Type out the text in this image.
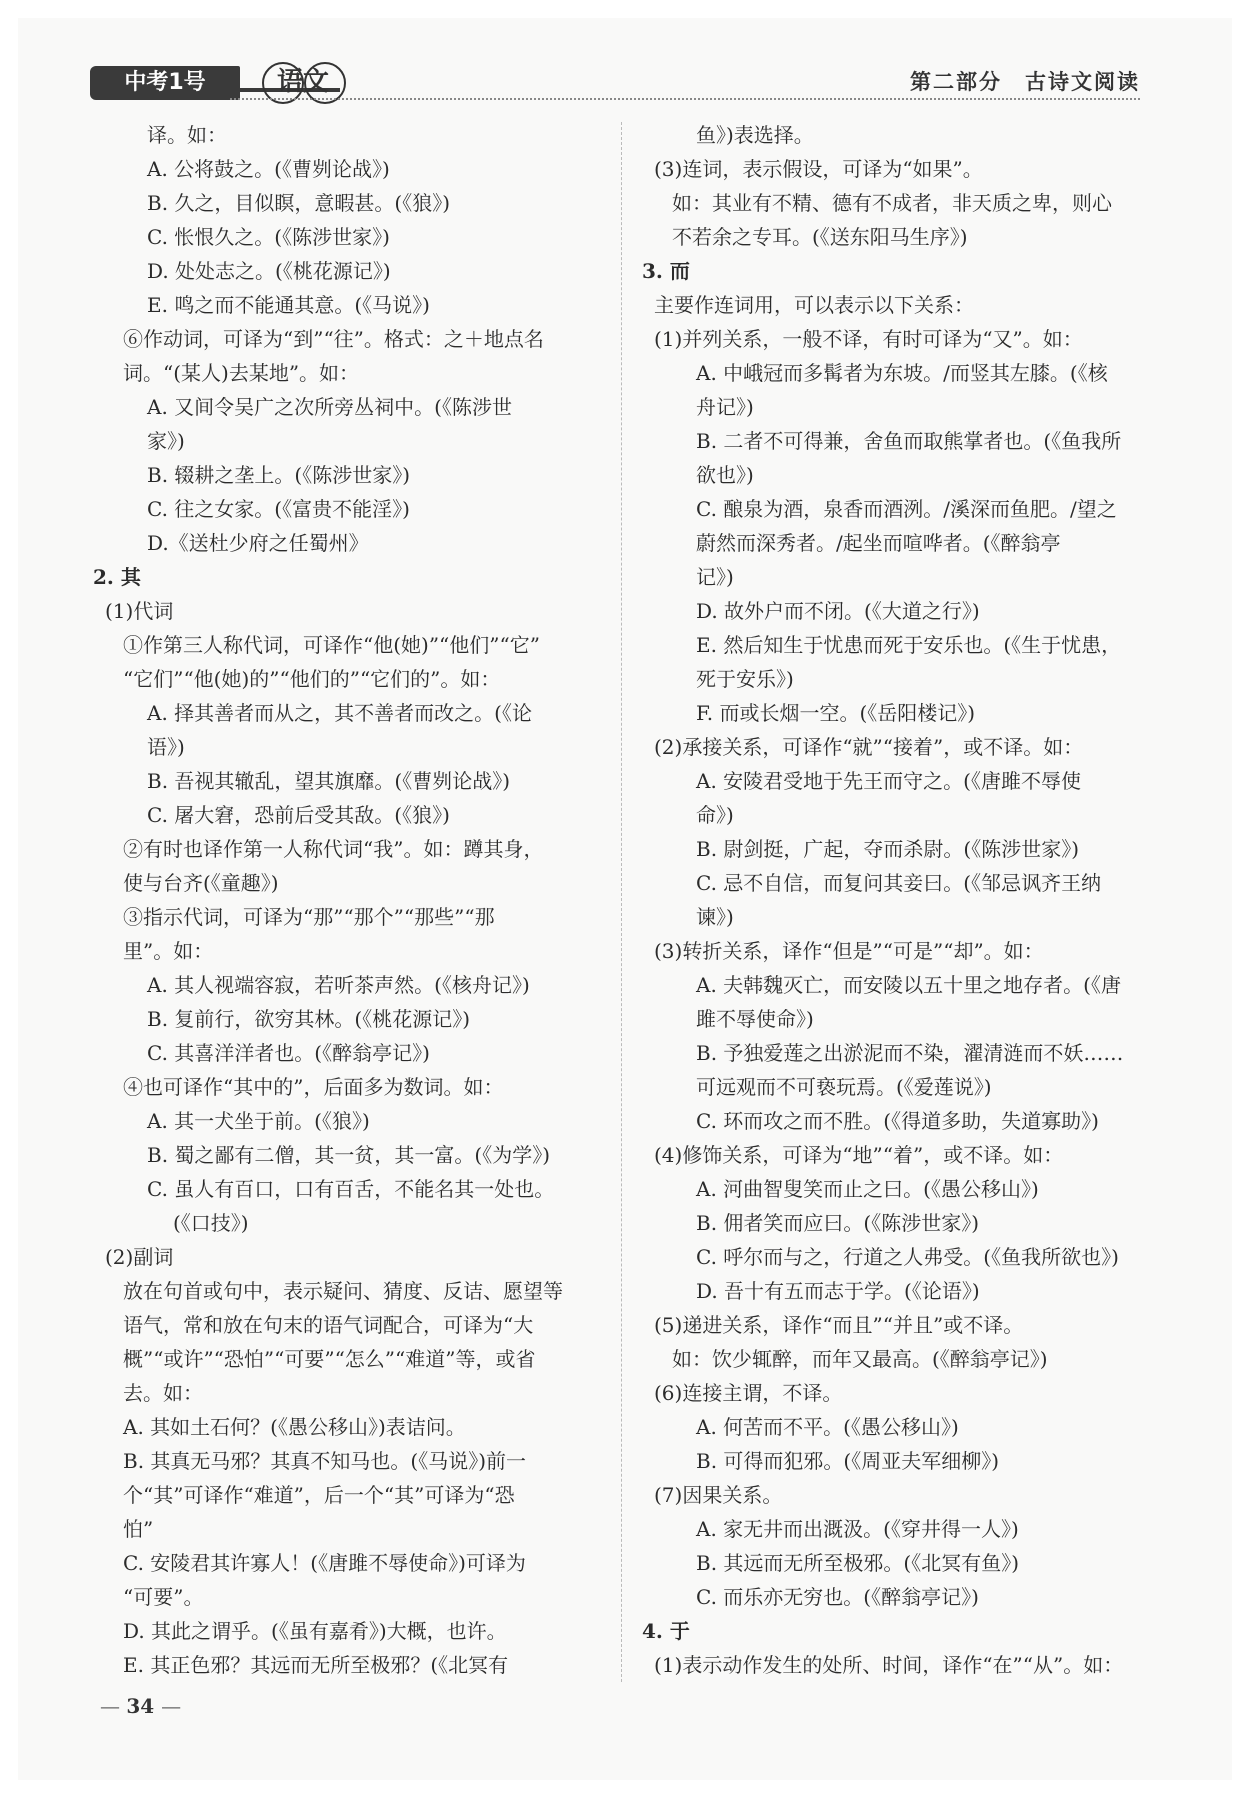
中考1号	语文	第二部分　古诗文阅读
译。如：
A. 公将鼓之。(《曹刿论战》)
B. 久之，目似瞑，意暇甚。(《狼》)
C. 怅恨久之。(《陈涉世家》)
D. 处处志之。(《桃花源记》)
E. 鸣之而不能通其意。(《马说》)
⑥作动词，可译为“到”“往”。格式：之＋地点名
词。“(某人)去某地”。如：
A. 又间令吴广之次所旁丛祠中。(《陈涉世
家》)
B. 辍耕之垄上。(《陈涉世家》)
C. 往之女家。(《富贵不能淫》)
D.《送杜少府之任蜀州》
2. 其
(1)代词
①作第三人称代词，可译作“他(她)”“他们”“它”
“它们”“他(她)的”“他们的”“它们的”。如：
A. 择其善者而从之，其不善者而改之。(《论
语》)
B. 吾视其辙乱，望其旗靡。(《曹刿论战》)
C. 屠大窘，恐前后受其敌。(《狼》)
②有时也译作第一人称代词“我”。如：蹲其身，
使与台齐(《童趣》)
③指示代词，可译为“那”“那个”“那些”“那
里”。如：
A. 其人视端容寂，若听茶声然。(《核舟记》)
B. 复前行，欲穷其林。(《桃花源记》)
C. 其喜洋洋者也。(《醉翁亭记》)
④也可译作“其中的”，后面多为数词。如：
A. 其一犬坐于前。(《狼》)
B. 蜀之鄙有二僧，其一贫，其一富。(《为学》)
C. 虽人有百口，口有百舌，不能名其一处也。
(《口技》)
(2)副词
放在句首或句中，表示疑问、猜度、反诘、愿望等
语气，常和放在句末的语气词配合，可译为“大
概”“或许”“恐怕”“可要”“怎么”“难道”等，或省
去。如：
A. 其如土石何？(《愚公移山》)表诘问。
B. 其真无马邪？其真不知马也。(《马说》)前一
个“其”可译作“难道”，后一个“其”可译为“恐
怕”
C. 安陵君其许寡人！(《唐雎不辱使命》)可译为
“可要”。
D. 其此之谓乎。(《虽有嘉肴》)大概，也许。
E. 其正色邪？其远而无所至极邪？(《北冥有
鱼》)表选择。
(3)连词，表示假设，可译为“如果”。
如：其业有不精、德有不成者，非天质之卑，则心
不若余之专耳。(《送东阳马生序》)
3. 而
主要作连词用，可以表示以下关系：
(1)并列关系，一般不译，有时可译为“又”。如：
A. 中峨冠而多髯者为东坡。/而竖其左膝。(《核
舟记》)
B. 二者不可得兼，舍鱼而取熊掌者也。(《鱼我所
欲也》)
C. 酿泉为酒，泉香而酒洌。/溪深而鱼肥。/望之
蔚然而深秀者。/起坐而喧哗者。(《醉翁亭
记》)
D. 故外户而不闭。(《大道之行》)
E. 然后知生于忧患而死于安乐也。(《生于忧患，
死于安乐》)
F. 而或长烟一空。(《岳阳楼记》)
(2)承接关系，可译作“就”“接着”，或不译。如：
A. 安陵君受地于先王而守之。(《唐雎不辱使
命》)
B. 尉剑挺，广起，夺而杀尉。(《陈涉世家》)
C. 忌不自信，而复问其妾曰。(《邹忌讽齐王纳
谏》)
(3)转折关系，译作“但是”“可是”“却”。如：
A. 夫韩魏灭亡，而安陵以五十里之地存者。(《唐
雎不辱使命》)
B. 予独爱莲之出淤泥而不染，濯清涟而不妖……
可远观而不可亵玩焉。(《爱莲说》)
C. 环而攻之而不胜。(《得道多助，失道寡助》)
(4)修饰关系，可译为“地”“着”，或不译。如：
A. 河曲智叟笑而止之曰。(《愚公移山》)
B. 佣者笑而应曰。(《陈涉世家》)
C. 呼尔而与之，行道之人弗受。(《鱼我所欲也》)
D. 吾十有五而志于学。(《论语》)
(5)递进关系，译作“而且”“并且”或不译。
如：饮少辄醉，而年又最高。(《醉翁亭记》)
(6)连接主谓，不译。
A. 何苦而不平。(《愚公移山》)
B. 可得而犯邪。(《周亚夫军细柳》)
(7)因果关系。
A. 家无井而出溉汲。(《穿井得一人》)
B. 其远而无所至极邪。(《北冥有鱼》)
C. 而乐亦无穷也。(《醉翁亭记》)
4. 于
(1)表示动作发生的处所、时间，译作“在”“从”。如：
— 34 —
